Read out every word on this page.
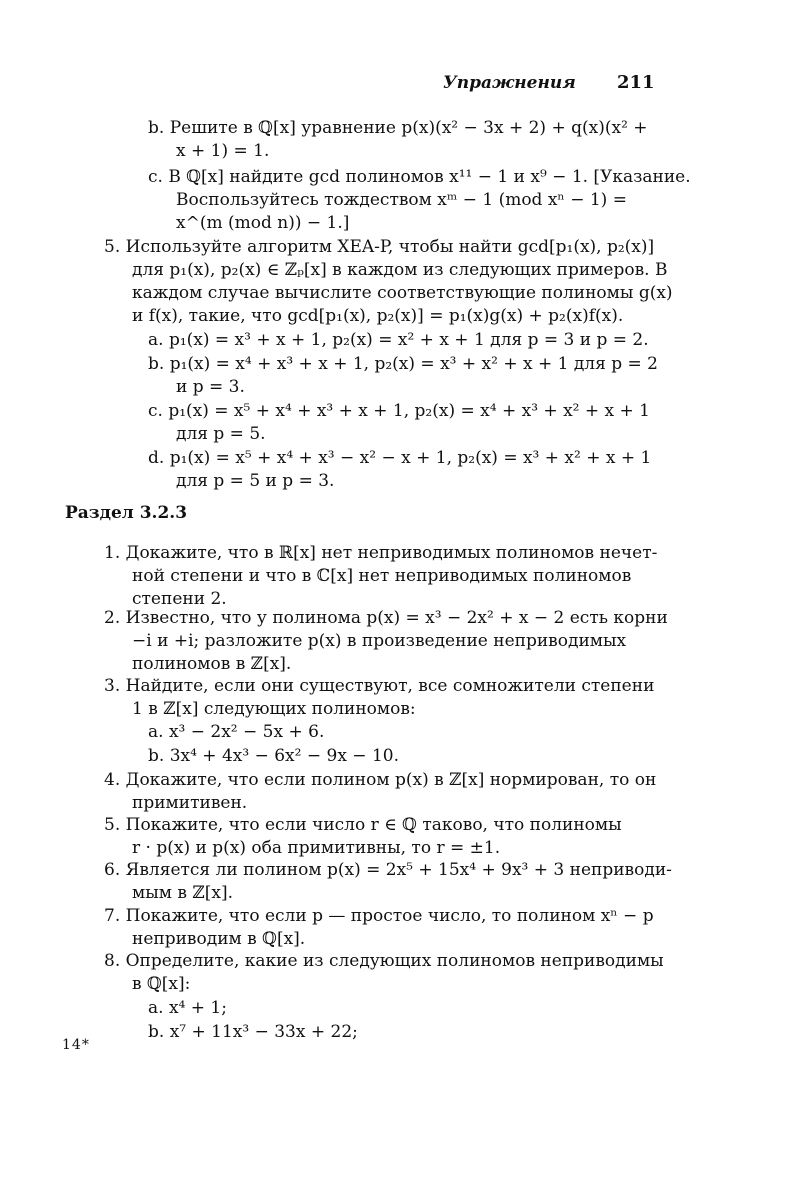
Упражнения 211
b. Решите в ℚ[x] уравнение p(x)(x² − 3x + 2) + q(x)(x² +
x + 1) = 1.
c. В ℚ[x] найдите gcd полиномов x¹¹ − 1 и x⁹ − 1. [Указание.
Воспользуйтесь тождеством xᵐ − 1 (mod xⁿ − 1) =
x^(m (mod n)) − 1.]
5. Используйте алгоритм XEA-P, чтобы найти gcd[p₁(x), p₂(x)]
для p₁(x), p₂(x) ∈ ℤₚ[x] в каждом из следующих примеров. В
каждом случае вычислите соответствующие полиномы g(x)
и f(x), такие, что gcd[p₁(x), p₂(x)] = p₁(x)g(x) + p₂(x)f(x).
a. p₁(x) = x³ + x + 1, p₂(x) = x² + x + 1 для p = 3 и p = 2.
b. p₁(x) = x⁴ + x³ + x + 1, p₂(x) = x³ + x² + x + 1 для p = 2
и p = 3.
c. p₁(x) = x⁵ + x⁴ + x³ + x + 1, p₂(x) = x⁴ + x³ + x² + x + 1
для p = 5.
d. p₁(x) = x⁵ + x⁴ + x³ − x² − x + 1, p₂(x) = x³ + x² + x + 1
для p = 5 и p = 3.
Раздел 3.2.3
1. Докажите, что в ℝ[x] нет неприводимых полиномов нечет-
ной степени и что в ℂ[x] нет неприводимых полиномов
степени 2.
2. Известно, что у полинома p(x) = x³ − 2x² + x − 2 есть корни
−i и +i; разложите p(x) в произведение неприводимых
полиномов в ℤ[x].
3. Найдите, если они существуют, все сомножители степени
1 в ℤ[x] следующих полиномов:
a. x³ − 2x² − 5x + 6.
b. 3x⁴ + 4x³ − 6x² − 9x − 10.
4. Докажите, что если полином p(x) в ℤ[x] нормирован, то он
примитивен.
5. Покажите, что если число r ∈ ℚ таково, что полиномы
r · p(x) и p(x) оба примитивны, то r = ±1.
6. Является ли полином p(x) = 2x⁵ + 15x⁴ + 9x³ + 3 неприводи-
мым в ℤ[x].
7. Покажите, что если p — простое число, то полином xⁿ − p
неприводим в ℚ[x].
8. Определите, какие из следующих полиномов неприводимы
в ℚ[x]:
a. x⁴ + 1;
b. x⁷ + 11x³ − 33x + 22;
14*
